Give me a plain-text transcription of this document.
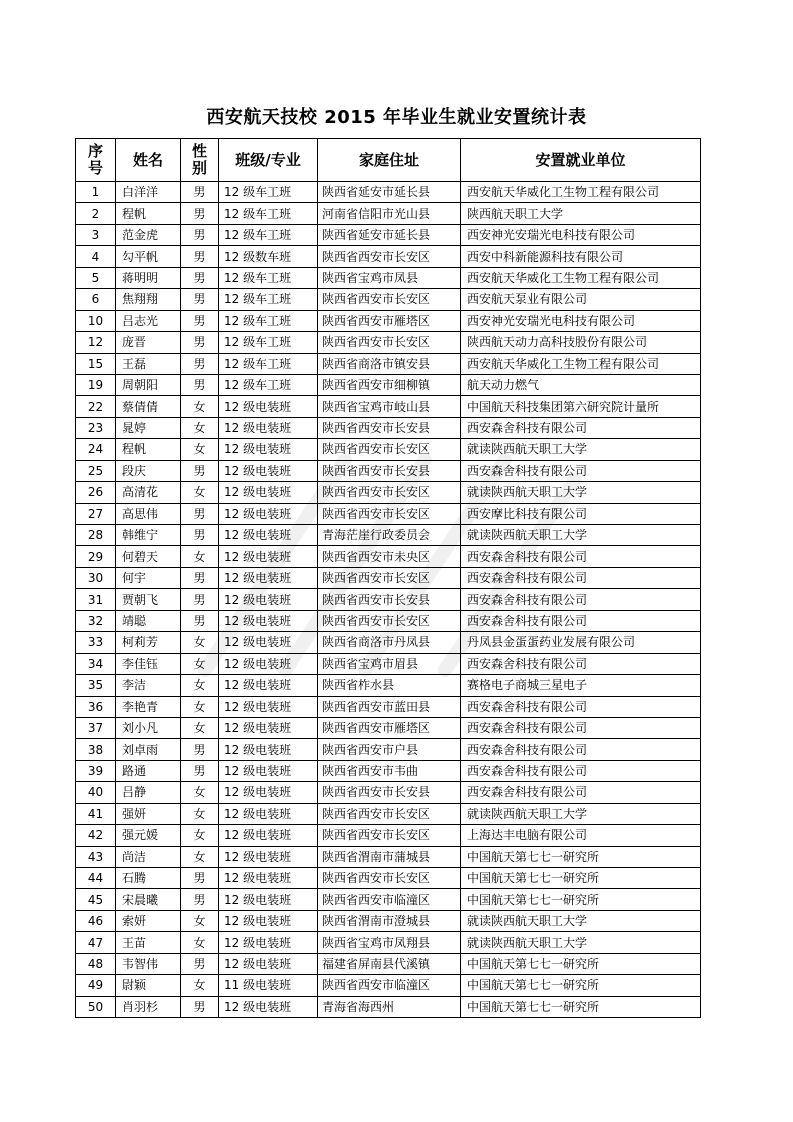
西安航天技校 2015 年毕业生就业安置统计表
序号	姓名	性别	班级/专业	家庭住址	安置就业单位
1	白洋洋	男	12 级车工班	陕西省延安市延长县	西安航天华威化工生物工程有限公司
2	程帆	男	12 级车工班	河南省信阳市光山县	陕西航天职工大学
3	范金虎	男	12 级车工班	陕西省延安市延长县	西安神光安瑞光电科技有限公司
4	勾平帆	男	12 级数车班	陕西省西安市长安区	西安中科新能源科技有限公司
5	蒋明明	男	12 级车工班	陕西省宝鸡市凤县	西安航天华威化工生物工程有限公司
6	焦翔翔	男	12 级车工班	陕西省西安市长安区	西安航天泵业有限公司
10	吕志光	男	12 级车工班	陕西省西安市雁塔区	西安神光安瑞光电科技有限公司
12	庞晋	男	12 级车工班	陕西省西安市长安区	陕西航天动力高科技股份有限公司
15	王磊	男	12 级车工班	陕西省商洛市镇安县	西安航天华威化工生物工程有限公司
19	周朝阳	男	12 级车工班	陕西省西安市细柳镇	航天动力燃气
22	蔡倩倩	女	12 级电装班	陕西省宝鸡市岐山县	中国航天科技集团第六研究院计量所
23	晁婷	女	12 级电装班	陕西省西安市长安县	西安森舍科技有限公司
24	程帆	女	12 级电装班	陕西省西安市长安区	就读陕西航天职工大学
25	段庆	男	12 级电装班	陕西省西安市长安县	西安森舍科技有限公司
26	高清花	女	12 级电装班	陕西省西安市长安区	就读陕西航天职工大学
27	高思伟	男	12 级电装班	陕西省西安市长安区	西安摩比科技有限公司
28	韩维宁	男	12 级电装班	青海茫崖行政委员会	就读陕西航天职工大学
29	何碧天	女	12 级电装班	陕西省西安市未央区	西安森舍科技有限公司
30	何宇	男	12 级电装班	陕西省西安市长安区	西安森舍科技有限公司
31	贾朝飞	男	12 级电装班	陕西省西安市长安县	西安森舍科技有限公司
32	靖聪	男	12 级电装班	陕西省西安市长安区	西安森舍科技有限公司
33	柯莉芳	女	12 级电装班	陕西省商洛市丹凤县	丹凤县金蛋蛋药业发展有限公司
34	李佳钰	女	12 级电装班	陕西省宝鸡市眉县	西安森舍科技有限公司
35	李洁	女	12 级电装班	陕西省柞水县	赛格电子商城三星电子
36	李艳青	女	12 级电装班	陕西省西安市蓝田县	西安森舍科技有限公司
37	刘小凡	女	12 级电装班	陕西省西安市雁塔区	西安森舍科技有限公司
38	刘卓雨	男	12 级电装班	陕西省西安市户县	西安森舍科技有限公司
39	路通	男	12 级电装班	陕西省西安市韦曲	西安森舍科技有限公司
40	吕静	女	12 级电装班	陕西省西安市长安县	西安森舍科技有限公司
41	强妍	女	12 级电装班	陕西省西安市长安区	就读陕西航天职工大学
42	强元媛	女	12 级电装班	陕西省西安市长安区	上海达丰电脑有限公司
43	尚洁	女	12 级电装班	陕西省渭南市蒲城县	中国航天第七七一研究所
44	石腾	男	12 级电装班	陕西省西安市长安区	中国航天第七七一研究所
45	宋晨曦	男	12 级电装班	陕西省西安市临潼区	中国航天第七七一研究所
46	索妍	女	12 级电装班	陕西省渭南市澄城县	就读陕西航天职工大学
47	王苗	女	12 级电装班	陕西省宝鸡市凤翔县	就读陕西航天职工大学
48	韦智伟	男	12 级电装班	福建省屏南县代溪镇	中国航天第七七一研究所
49	尉颖	女	11 级电装班	陕西省西安市临潼区	中国航天第七七一研究所
50	肖羽杉	男	12 级电装班	青海省海西州	中国航天第七七一研究所
